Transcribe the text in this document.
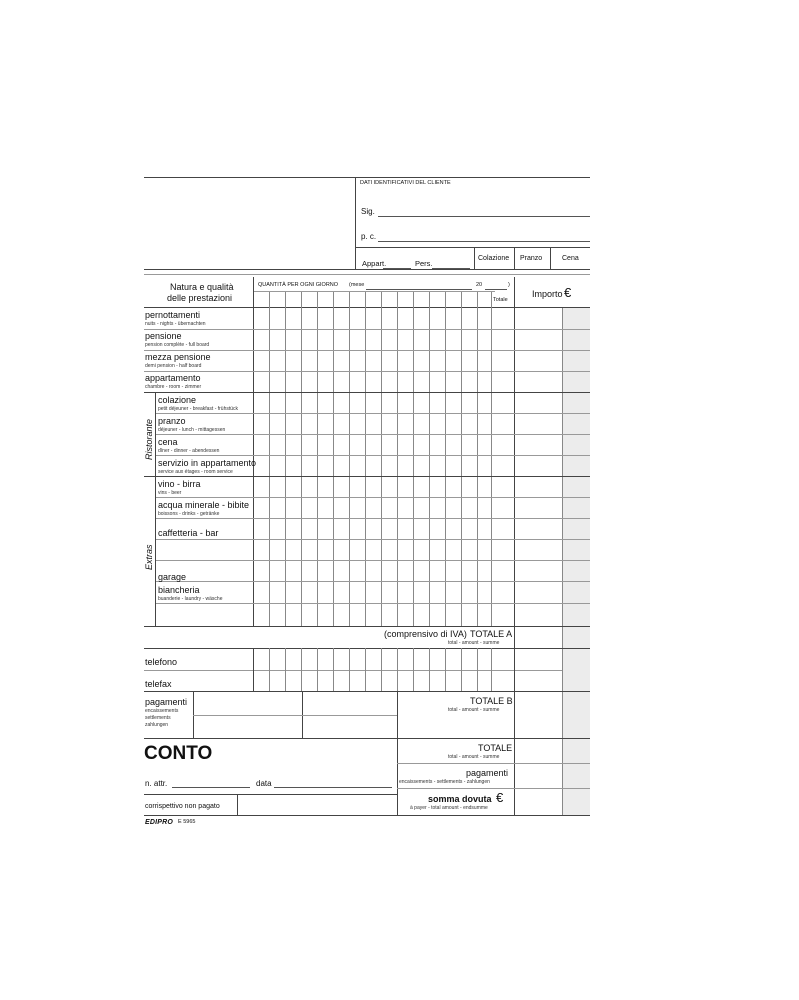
DATI IDENTIFICATIVI DEL CLIENTE
Sig.
p. c.
Appart.	Pers.
Colazione Pranzo	Cena
Natura e qualità
delle prestazioni
QUANTITÀ PER OGNI GIORNO (mese	20	)
Totale
Importo €
pernottamenti
nuits - nights - übernachten
pensione
pension complète - full board
mezza pensione
demi pension - half board
appartamento
chambre - room - zimmer
Ristorante
colazione
petit déjeuner - breakfast - frühstück
pranzo
déjeuner - lunch - mittagessen
cena
dîner - dinner - abendessen
servizio in appartamento
service aux étages - room service
Extras
vino - birra
vins - beer
acqua minerale - bibite
boissons - drinks - getränke
caffetteria - bar
garage
biancheria
buanderie - laundry - wäsche
(comprensivo di IVA) TOTALE A
total - amount - summe
telefono
telefax
pagamenti
encaissements
settlements
zahlungen
TOTALE B
total - amount - summe
CONTO
n. attr.	data
corrispettivo non pagato
TOTALE
total - amount - summe
pagamenti
encaissements - settlements - zahlungen
somma dovuta €
à payer - total amount - endsumme
EDIPRO E 5965
